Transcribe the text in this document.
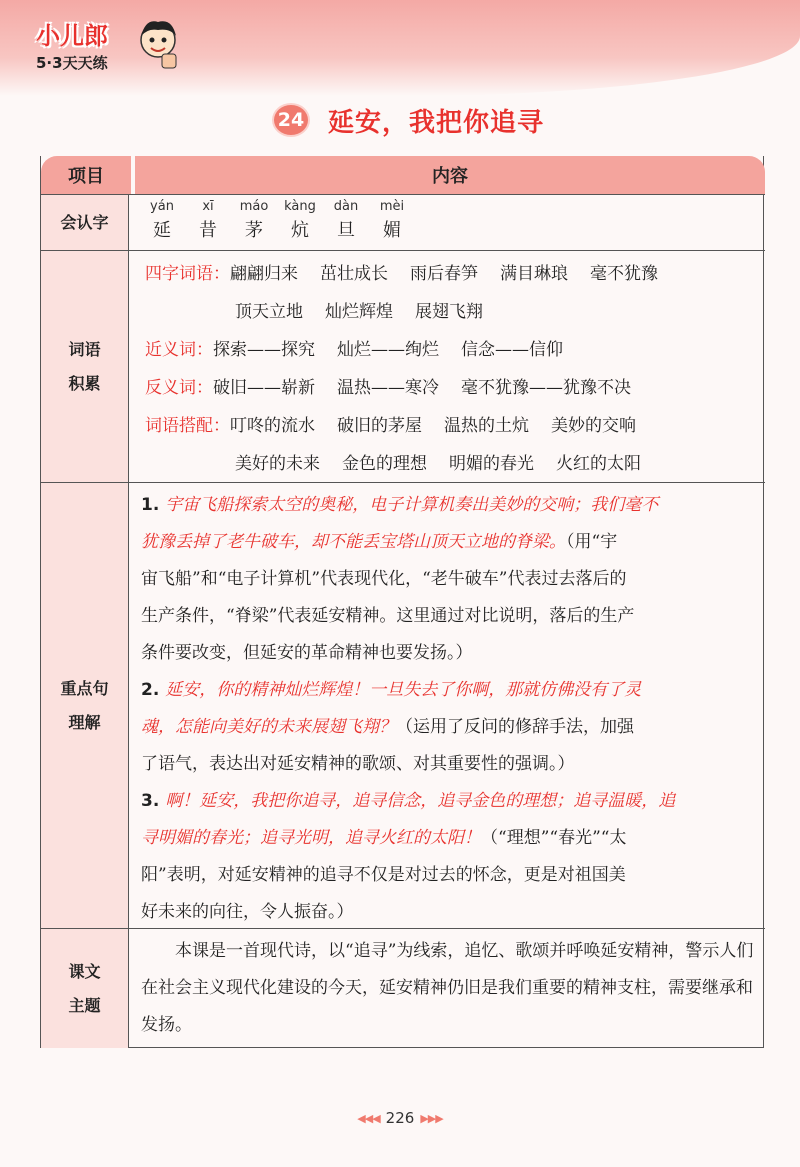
小儿郎
5·3天天练
24 延安，我把你追寻
项目	内容
会认字
yán
延
xī
昔
máo
茅
kàng
炕
dàn
旦
mèi
媚
词语
积累
四字词语：翩翩归来 茁壮成长 雨后春笋 满目琳琅 毫不犹豫
顶天立地 灿烂辉煌 展翅飞翔
近义词：探索——探究 灿烂——绚烂 信念——信仰
反义词：破旧——崭新 温热——寒冷 毫不犹豫——犹豫不决
词语搭配：叮咚的流水 破旧的茅屋 温热的土炕 美妙的交响
美好的未来 金色的理想 明媚的春光 火红的太阳
重点句
理解
1. 宇宙飞船探索太空的奥秘，电子计算机奏出美妙的交响；我们毫不
犹豫丢掉了老牛破车，却不能丢宝塔山顶天立地的脊梁。（用“宇
宙飞船”和“电子计算机”代表现代化，“老牛破车”代表过去落后的
生产条件，“脊梁”代表延安精神。这里通过对比说明，落后的生产
条件要改变，但延安的革命精神也要发扬。）
2. 延安，你的精神灿烂辉煌！一旦失去了你啊，那就仿佛没有了灵
魂，怎能向美好的未来展翅飞翔？（运用了反问的修辞手法，加强
了语气，表达出对延安精神的歌颂、对其重要性的强调。）
3. 啊！延安，我把你追寻，追寻信念，追寻金色的理想；追寻温暖，追
寻明媚的春光；追寻光明，追寻火红的太阳！（“理想”“春光”“太
阳”表明，对延安精神的追寻不仅是对过去的怀念，更是对祖国美
好未来的向往，令人振奋。）
课文
主题
本课是一首现代诗，以“追寻”为线索，追忆、歌颂并呼唤延安精神，警示人们在社会主义现代化建设的今天，延安精神仍旧是我们重要的精神支柱，需要继承和发扬。
◀◀◀ 226 ▶▶▶
